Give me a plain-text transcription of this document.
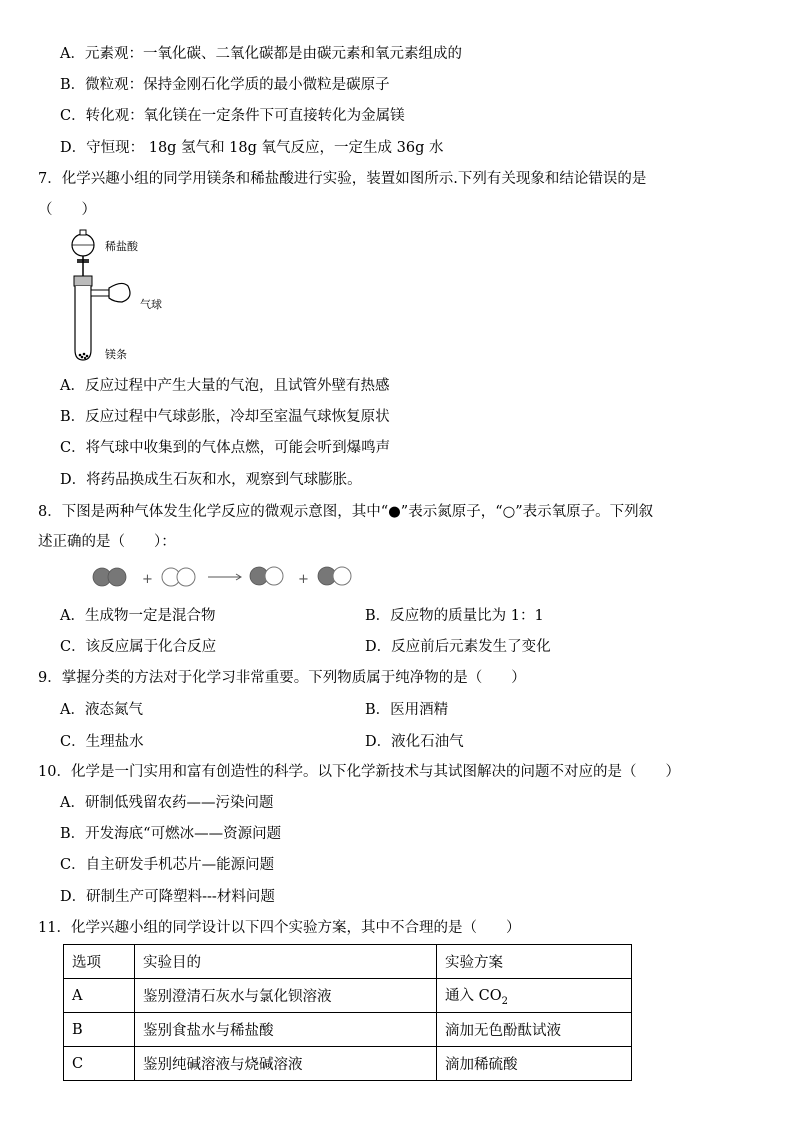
A．元素观：一氧化碳、二氧化碳都是由碳元素和氧元素组成的
B．微粒观：保持金刚石化学质的最小微粒是碳原子
C．转化观：氧化镁在一定条件下可直接转化为金属镁
D．守恒现： 18g 氢气和 18g 氧气反应，一定生成 36g 水
7．化学兴趣小组的同学用镁条和稀盐酸进行实验，装置如图所示.下列有关现象和结论错误的是
（　　）
稀盐酸
气球
镁条
A．反应过程中产生大量的气泡，且试管外壁有热感
B．反应过程中气球彭胀，冷却至室温气球恢复原状
C．将气球中收集到的气体点燃，可能会听到爆鸣声
D．将药品换成生石灰和水，观察到气球膨胀。
8．下图是两种气体发生化学反应的微观示意图，其中“●”表示氮原子，“○”表示氧原子。下列叙
述正确的是（　　）：
+	+
A．生成物一定是混合物	B．反应物的质量比为 1：1
C．该反应属于化合反应	D．反应前后元素发生了变化
9．掌握分类的方法对于化学习非常重要。下列物质属于纯净物的是（　　）
A．液态氮气	B．医用酒精
C．生理盐水	D．液化石油气
10．化学是一门实用和富有创造性的科学。以下化学新技术与其试图解决的问题不对应的是（　　）
A．研制低残留农药——污染问题
B．开发海底“可燃冰——资源问题
C．自主研发手机芯片—能源问题
D．研制生产可降塑料---材料问题
11．化学兴趣小组的同学设计以下四个实验方案，其中不合理的是（　　）
选项	实验目的	实验方案
A	鉴别澄清石灰水与氯化钡溶液	通入 $CO_2$
B	鉴别食盐水与稀盐酸	滴加无色酚酞试液
C	鉴别纯碱溶液与烧碱溶液	滴加稀硫酸
